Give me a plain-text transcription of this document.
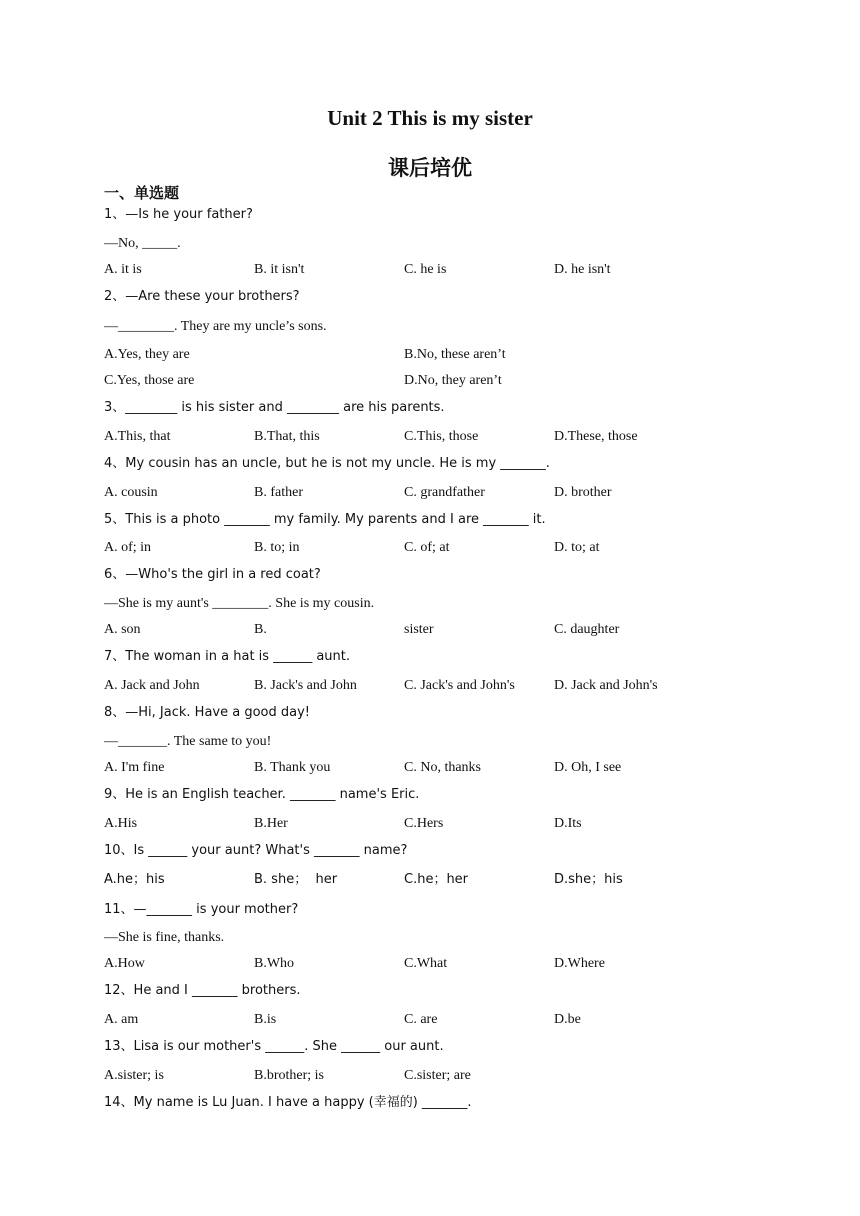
Unit 2 This is my sister
课后培优
一、单选题
1、—Is he your father?
—No, _____.
A. it is	B. it isn't	C. he is	D. he isn't
2、—Are these your brothers?
—________. They are my uncle’s sons.
A.Yes, they are	B.No, these aren’t
C.Yes, those are	D.No, they aren’t
3、________ is his sister and ________ are his parents.
A.This, that	B.That, this	C.This, those	D.These, those
4、My cousin has an uncle, but he is not my uncle. He is my _______.
A. cousin	B. father	C. grandfather	D. brother
5、This is a photo _______ my family. My parents and I are _______ it.
A. of; in	B. to; in	C. of; at	D. to; at
6、—Who's the girl in a red coat?
—She is my aunt's ________. She is my cousin.
A. son	B.	sister	C. daughter
7、The woman in a hat is ______ aunt.
A. Jack and John	B. Jack's and John	C. Jack's and John's	D. Jack and John's
8、—Hi, Jack. Have a good day!
—_______. The same to you!
A. I'm fine	B. Thank you	C. No, thanks	D. Oh, I see
9、He is an English teacher. _______ name's Eric.
A.His	B.Her	C.Hers	D.Its
10、Is ______ your aunt? What's _______ name?
A.he；his	B. she；  her	C.he；her	D.she；his
11、—_______ is your mother?
—She is fine, thanks.
A.How	B.Who	C.What	D.Where
12、He and I _______ brothers.
A. am	B.is	C. are	D.be
13、Lisa is our mother's ______. She ______ our aunt.
A.sister; is	B.brother; is	C.sister; are
14、My name is Lu Juan. I have a happy (幸福的) _______.
